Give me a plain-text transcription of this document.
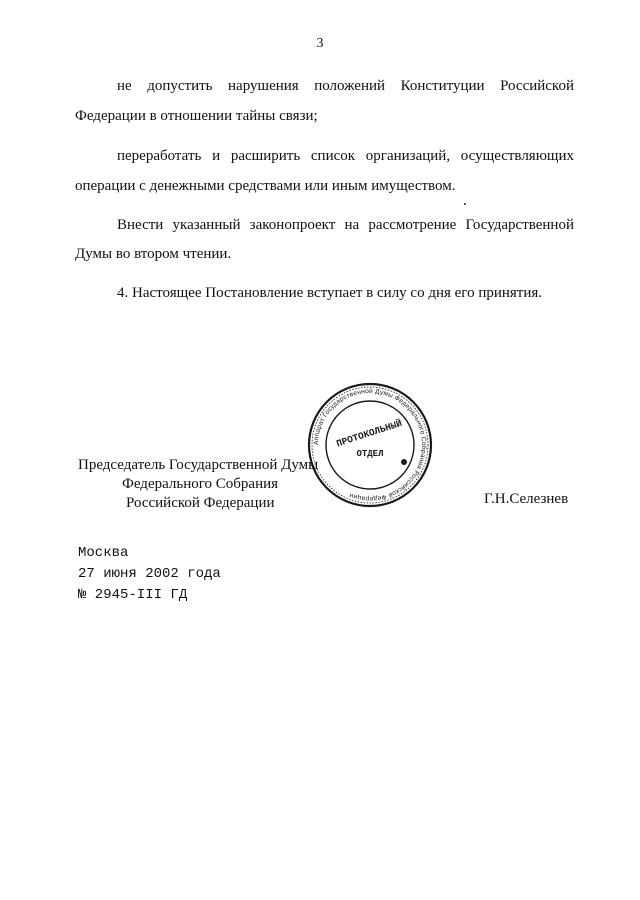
3

не допустить нарушения положений Конституции Российской

Федерации в отношении тайны связи;

переработать и расширить список организаций, осуществляющих

операции с денежными средствами или иным имуществом.

Внести указанный законопроект на рассмотрение Государственной

Думы во втором чтении.
4. Настоящее Постановление вступает в силу со дня его принятия.
Аппарат Государственной Думы Федерального Собрания Российской Федерации
ПРОТОКОЛЬНЫЙ
ОТДЕЛ
Председатель Государственной Думы
Федерального Собрания
Российской Федерации	Г.Н.Селезнев
Москва
27 июня 2002 года
№ 2945-III ГД
